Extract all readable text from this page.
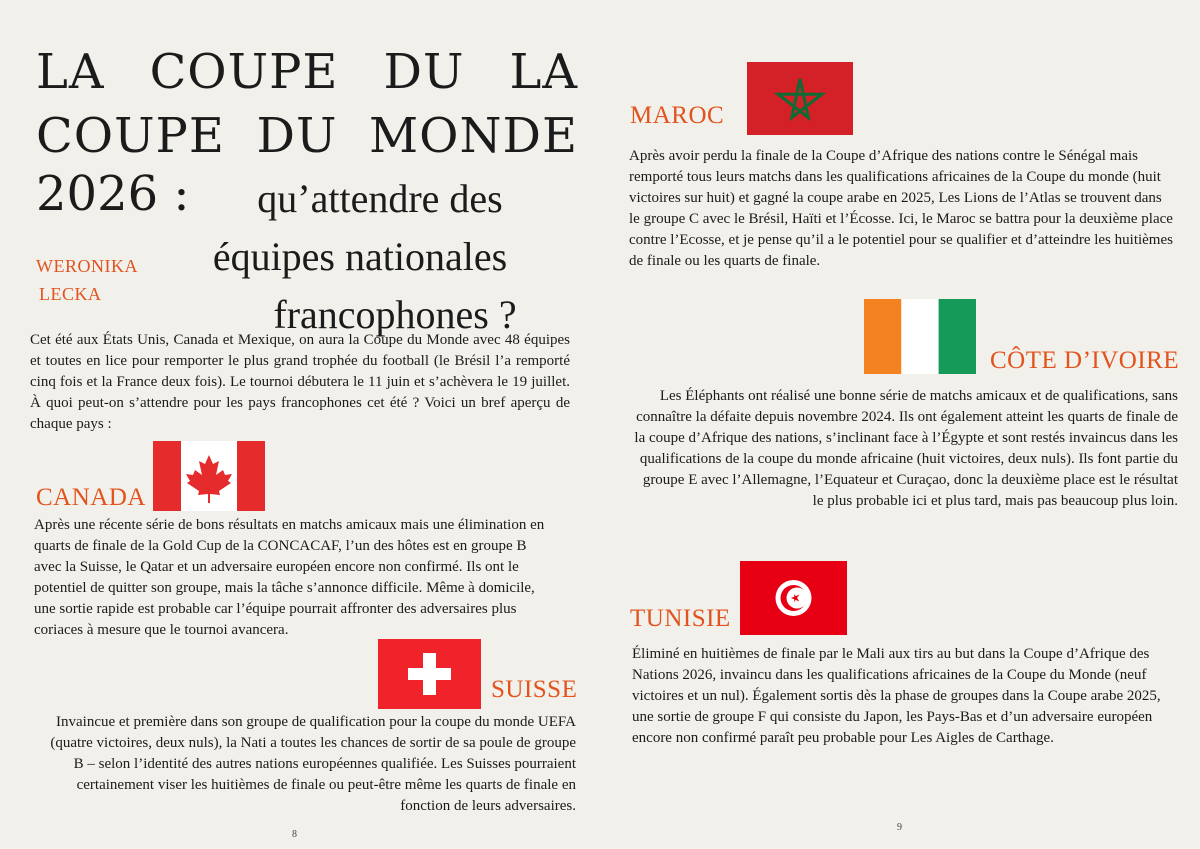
LA COUPE DU LA
COUPE DU MONDE
2026 :	qu’attendre des
équipes nationales
francophones ?
WERONIKA
LECKA

Cet été aux États Unis, Canada et Mexique, on aura la Coupe du Monde avec 48 équipes et toutes en lice pour remporter le plus grand trophée du football (le Brésil l’a remporté cinq fois et la France deux fois). Le tournoi débutera le 11 juin et s’achèvera le 19 juillet. À quoi peut-on s’attendre pour les pays francophones cet été ? Voici un bref aperçu de chaque pays :

CANADA

Après une récente série de bons résultats en matchs amicaux mais une élimination en quarts de finale de la Gold Cup de la CONCACAF, l’un des hôtes est en groupe B avec la Suisse, le Qatar et un adversaire européen encore non confirmé. Ils ont le potentiel de quitter son groupe, mais la tâche s’annonce difficile. Même à domicile, une sortie rapide est probable car l’équipe pourrait affronter des adversaires plus coriaces à mesure que le tournoi avancera.

SUISSE

Invaincue et première dans son groupe de qualification pour la coupe du monde UEFA (quatre victoires, deux nuls), la Nati a toutes les chances de sortir de sa poule de groupe B – selon l’identité des autres nations européennes qualifiée. Les Suisses pourraient certainement viser les huitièmes de finale ou peut-être même les quarts de finale en fonction de leurs adversaires.

8
MAROC

Après avoir perdu la finale de la Coupe d’Afrique des nations contre le Sénégal mais remporté tous leurs matchs dans les qualifications africaines de la Coupe du monde (huit victoires sur huit) et gagné la coupe arabe en 2025, Les Lions de l’Atlas se trouvent dans le groupe C avec le Brésil, Haïti et l’Écosse. Ici, le Maroc se battra pour la deuxième place contre l’Ecosse, et je pense qu’il a le potentiel pour se qualifier et d’atteindre les huitièmes de finale ou les quarts de finale.

CÔTE D’IVOIRE

Les Éléphants ont réalisé une bonne série de matchs amicaux et de qualifications, sans connaître la défaite depuis novembre 2024. Ils ont également atteint les quarts de finale de la coupe d’Afrique des nations, s’inclinant face à l’Égypte et sont restés invaincus dans les qualifications de la coupe du monde africaine (huit victoires, deux nuls). Ils font partie du groupe E avec l’Allemagne, l’Equateur et Curaçao, donc la deuxième place est le résultat le plus probable ici et plus tard, mais pas beaucoup plus loin.

TUNISIE

Éliminé en huitièmes de finale par le Mali aux tirs au but dans la Coupe d’Afrique des Nations 2026, invaincu dans les qualifications africaines de la Coupe du Monde (neuf victoires et un nul). Également sortis dès la phase de groupes dans la Coupe arabe 2025, une sortie de groupe F qui consiste du Japon, les Pays-Bas et d’un adversaire européen encore non confirmé paraît peu probable pour Les Aigles de Carthage.

9
